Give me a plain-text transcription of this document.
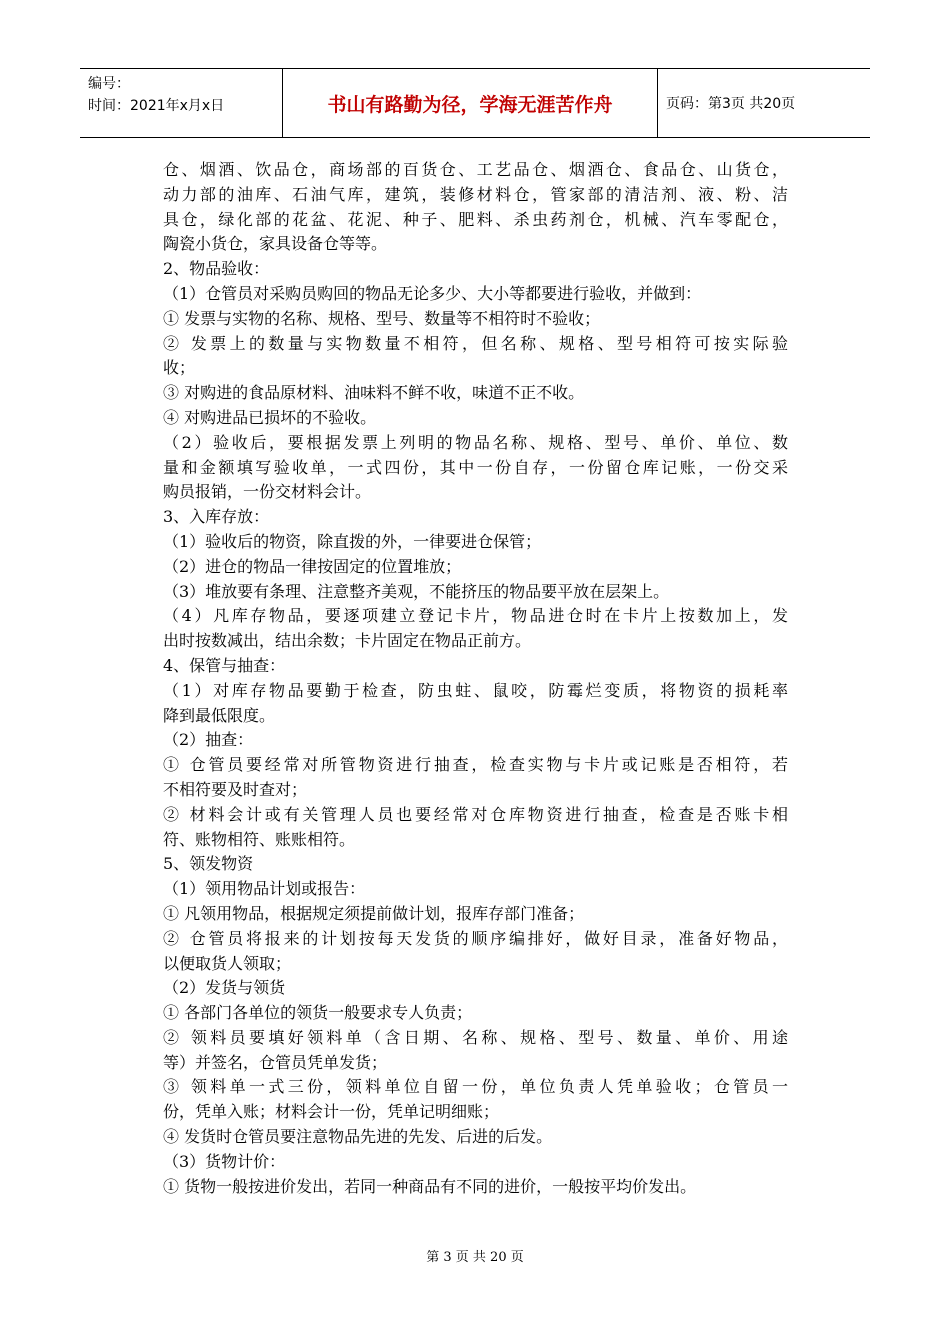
编号：
时间：2021年x月x日	书山有路勤为径，学海无涯苦作舟	页码：第3页 共20页
仓、烟酒、饮品仓，商场部的百货仓、工艺品仓、烟酒仓、食品仓、山货仓，
动力部的油库、石油气库，建筑，装修材料仓，管家部的清洁剂、液、粉、洁
具仓，绿化部的花盆、花泥、种子、肥料、杀虫药剂仓，机械、汽车零配仓，
陶瓷小货仓，家具设备仓等等。
2、物品验收：
（1）仓管员对采购员购回的物品无论多少、大小等都要进行验收，并做到：
① 发票与实物的名称、规格、型号、数量等不相符时不验收；
② 发票上的数量与实物数量不相符，但名称、规格、型号相符可按实际验
收；
③ 对购进的食品原材料、油味料不鲜不收，味道不正不收。
④ 对购进品已损坏的不验收。
（2）验收后，要根据发票上列明的物品名称、规格、型号、单价、单位、数
量和金额填写验收单，一式四份，其中一份自存，一份留仓库记账，一份交采
购员报销，一份交材料会计。
3、入库存放：
（1）验收后的物资，除直拨的外，一律要进仓保管；
（2）进仓的物品一律按固定的位置堆放；
（3）堆放要有条理、注意整齐美观，不能挤压的物品要平放在层架上。
（4）凡库存物品，要逐项建立登记卡片，物品进仓时在卡片上按数加上，发
出时按数减出，结出余数；卡片固定在物品正前方。
4、保管与抽查：
（1）对库存物品要勤于检查，防虫蛀、鼠咬，防霉烂变质，将物资的损耗率
降到最低限度。
（2）抽查：
① 仓管员要经常对所管物资进行抽查，检查实物与卡片或记账是否相符，若
不相符要及时查对；
② 材料会计或有关管理人员也要经常对仓库物资进行抽查，检查是否账卡相
符、账物相符、账账相符。
5、领发物资
（1）领用物品计划或报告：
① 凡领用物品，根据规定须提前做计划，报库存部门准备；
② 仓管员将报来的计划按每天发货的顺序编排好，做好目录，准备好物品，
以便取货人领取；
（2）发货与领货
① 各部门各单位的领货一般要求专人负责；
② 领料员要填好领料单（含日期、名称、规格、型号、数量、单价、用途
等）并签名，仓管员凭单发货；
③ 领料单一式三份，领料单位自留一份，单位负责人凭单验收；仓管员一
份，凭单入账；材料会计一份，凭单记明细账；
④ 发货时仓管员要注意物品先进的先发、后进的后发。
（3）货物计价：
① 货物一般按进价发出，若同一种商品有不同的进价，一般按平均价发出。
第 3 页 共 20 页
